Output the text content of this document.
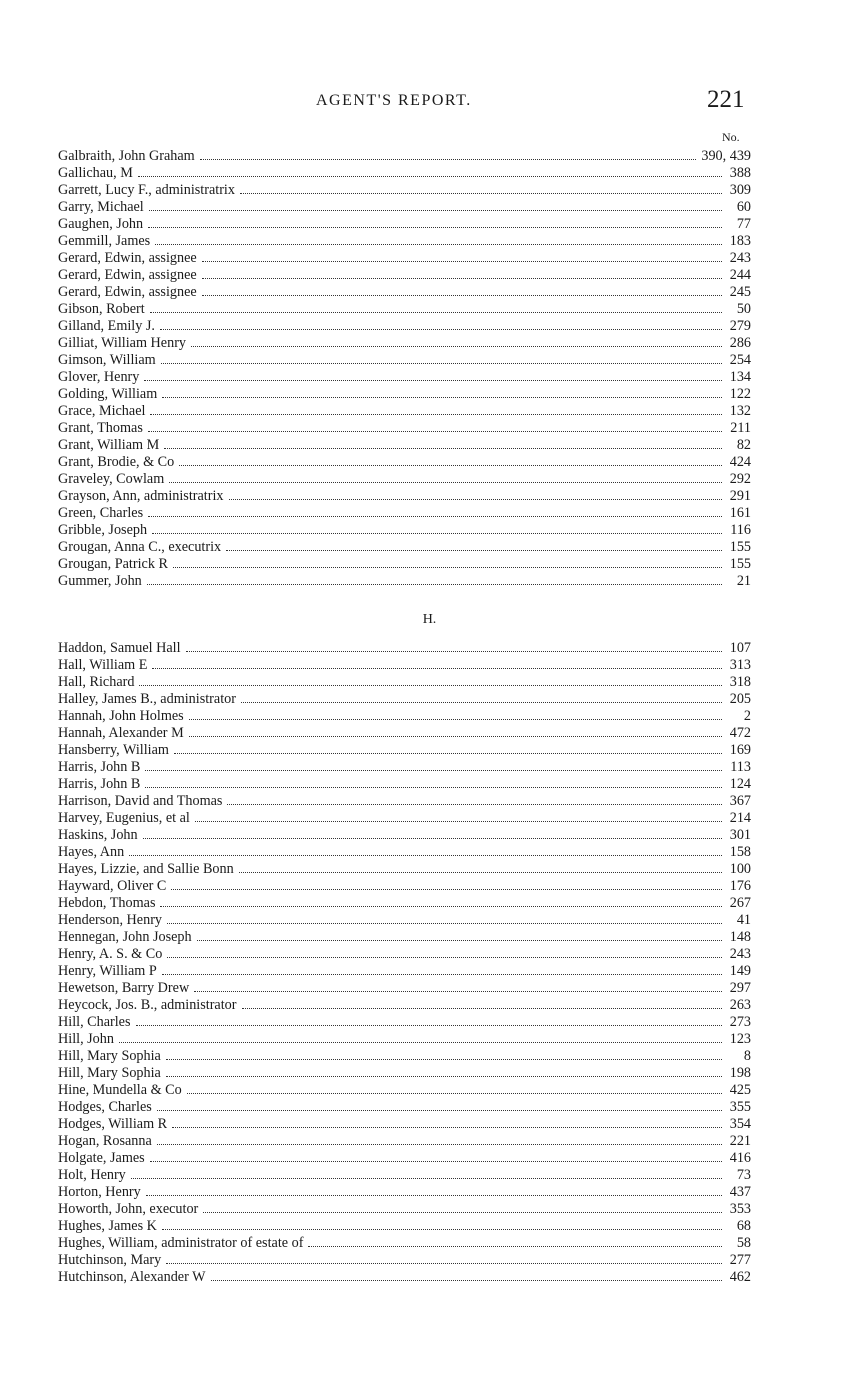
AGENT'S REPORT.	221
No.
Galbraith, John Graham	390, 439
Gallichau, M	388
Garrett, Lucy F., administratrix	309
Garry, Michael	60
Gaughen, John	77
Gemmill, James	183
Gerard, Edwin, assignee	243
Gerard, Edwin, assignee	244
Gerard, Edwin, assignee	245
Gibson, Robert	50
Gilland, Emily J.	279
Gilliat, William Henry	286
Gimson, William	254
Glover, Henry	134
Golding, William	122
Grace, Michael	132
Grant, Thomas	211
Grant, William M	82
Grant, Brodie, & Co	424
Graveley, Cowlam	292
Grayson, Ann, administratrix	291
Green, Charles	161
Gribble, Joseph	116
Grougan, Anna C., executrix	155
Grougan, Patrick R	155
Gummer, John	21
H.
Haddon, Samuel Hall	107
Hall, William E	313
Hall, Richard	318
Halley, James B., administrator	205
Hannah, John Holmes	2
Hannah, Alexander M	472
Hansberry, William	169
Harris, John B	113
Harris, John B	124
Harrison, David and Thomas	367
Harvey, Eugenius, et al	214
Haskins, John	301
Hayes, Ann	158
Hayes, Lizzie, and Sallie Bonn	100
Hayward, Oliver C	176
Hebdon, Thomas	267
Henderson, Henry	41
Hennegan, John Joseph	148
Henry, A. S. & Co	243
Henry, William P	149
Hewetson, Barry Drew	297
Heycock, Jos. B., administrator	263
Hill, Charles	273
Hill, John	123
Hill, Mary Sophia	8
Hill, Mary Sophia	198
Hine, Mundella & Co	425
Hodges, Charles	355
Hodges, William R	354
Hogan, Rosanna	221
Holgate, James	416
Holt, Henry	73
Horton, Henry	437
Howorth, John, executor	353
Hughes, James K	68
Hughes, William, administrator of estate of	58
Hutchinson, Mary	277
Hutchinson, Alexander W	462
